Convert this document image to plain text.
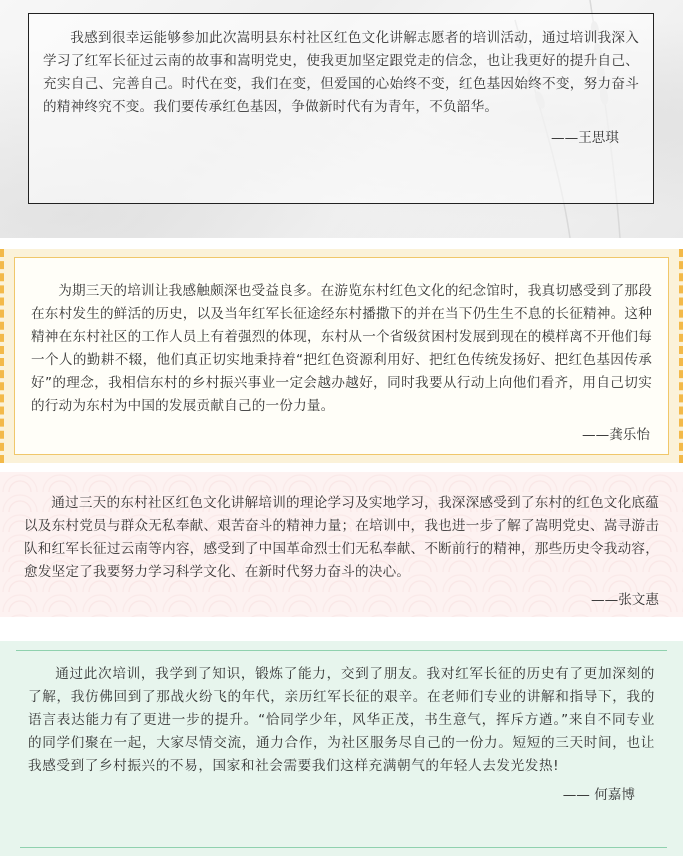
我感到很幸运能够参加此次嵩明县东村社区红色文化讲解志愿者的培训活动，通过培训我深入学习了红军长征过云南的故事和嵩明党史，使我更加坚定跟党走的信念，也让我更好的提升自己、充实自己、完善自己。时代在变，我们在变，但爱国的心始终不变，红色基因始终不变，努力奋斗的精神终究不变。我们要传承红色基因，争做新时代有为青年，不负韶华。

——王思琪

为期三天的培训让我感触颇深也受益良多。在游览东村红色文化的纪念馆时，我真切感受到了那段在东村发生的鲜活的历史，以及当年红军长征途经东村播撒下的并在当下仍生生不息的长征精神。这种精神在东村社区的工作人员上有着强烈的体现，东村从一个省级贫困村发展到现在的模样离不开他们每一个人的勤耕不辍，他们真正切实地秉持着“把红色资源利用好、把红色传统发扬好、把红色基因传承好”的理念，我相信东村的乡村振兴事业一定会越办越好，同时我要从行动上向他们看齐，用自己切实的行动为东村为中国的发展贡献自己的一份力量。

——龚乐怡

通过三天的东村社区红色文化讲解培训的理论学习及实地学习，我深深感受到了东村的红色文化底蕴以及东村党员与群众无私奉献、艰苦奋斗的精神力量；在培训中，我也进一步了解了嵩明党史、嵩寻游击队和红军长征过云南等内容，感受到了中国革命烈士们无私奉献、不断前行的精神，那些历史令我动容，愈发坚定了我要努力学习科学文化、在新时代努力奋斗的决心。

——张文惠

通过此次培训，我学到了知识，锻炼了能力，交到了朋友。我对红军长征的历史有了更加深刻的了解，我仿佛回到了那战火纷飞的年代，亲历红军长征的艰辛。在老师们专业的讲解和指导下，我的语言表达能力有了更进一步的提升。“恰同学少年，风华正茂，书生意气，挥斥方遒。”来自不同专业的同学们聚在一起，大家尽情交流，通力合作，为社区服务尽自己的一份力。短短的三天时间，也让我感受到了乡村振兴的不易，国家和社会需要我们这样充满朝气的年轻人去发光发热!

—— 何嘉博
